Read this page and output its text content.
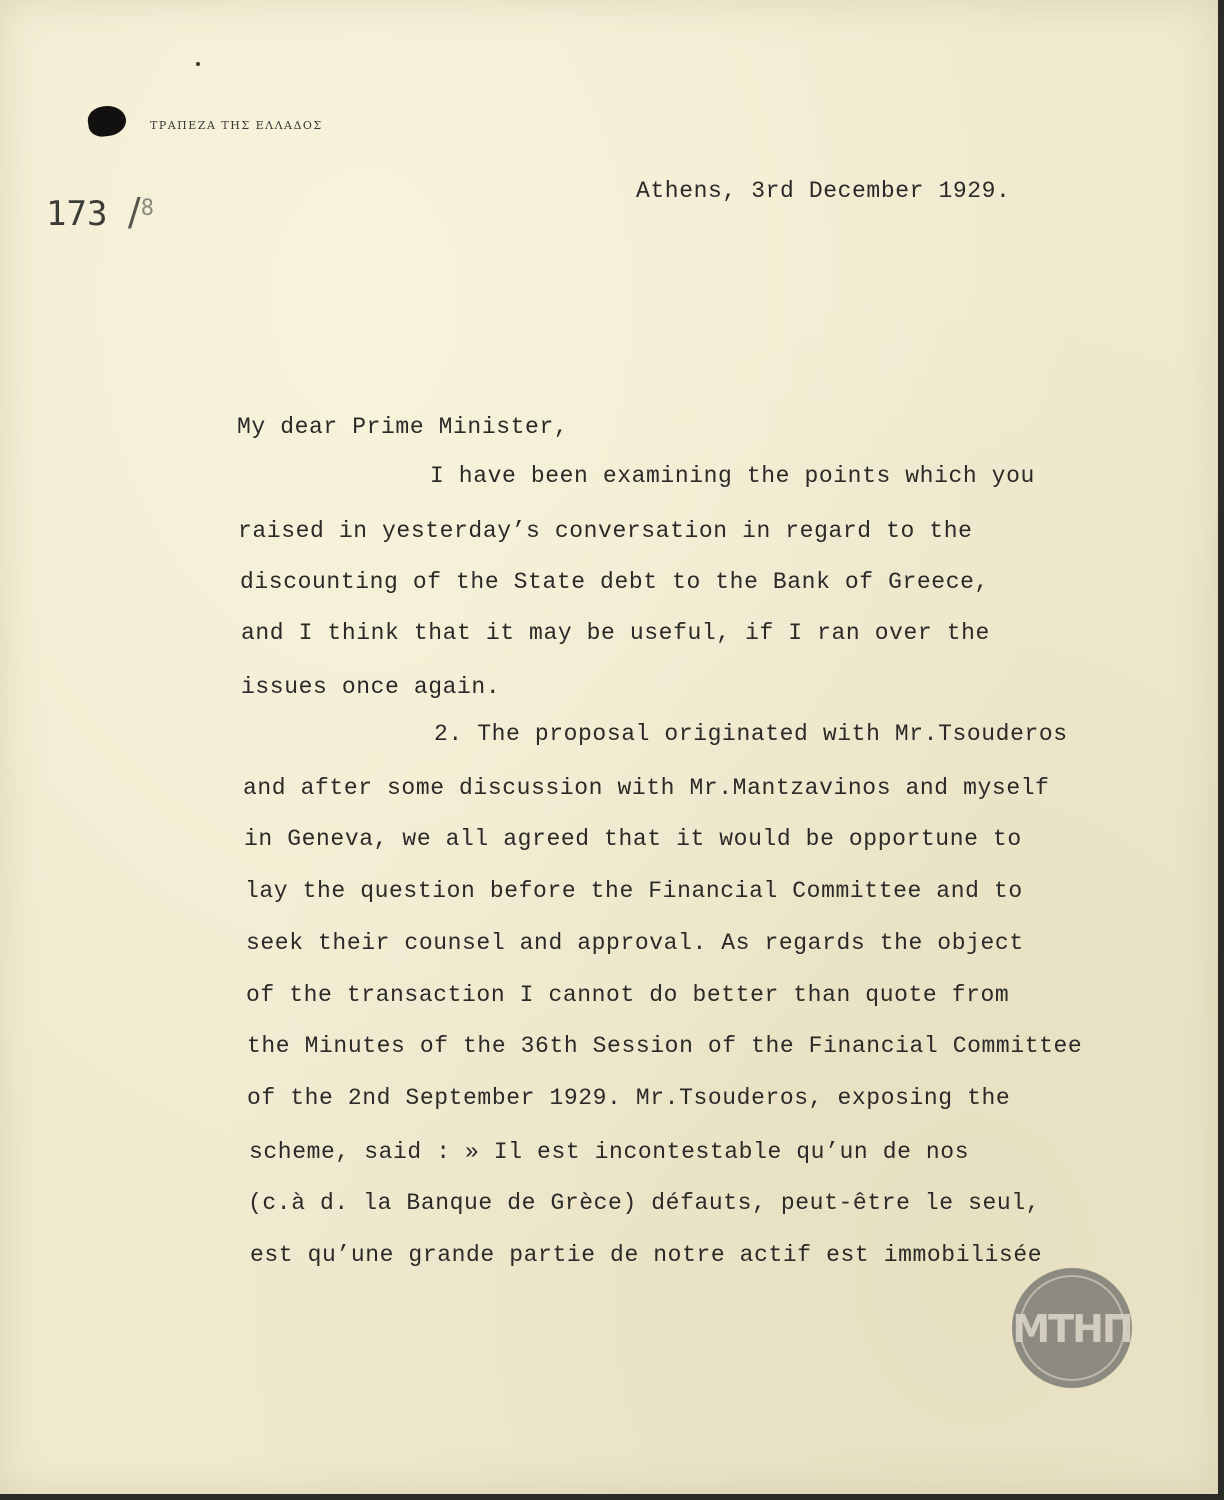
ΤΡΑΠΕΖΑ ΤΗΣ ΕΛΛΑΔΟΣ

173 /$^8$

Athens, 3rd December 1929.

My dear Prime Minister,

I have been examining the points which you

raised in yesterday’s conversation in regard to the

discounting of the State debt to the Bank of Greece,

and I think that it may be useful, if I ran over the

issues once again.

2. The proposal originated with Mr.Tsouderos

and after some discussion with Mr.Mantzavinos and myself

in Geneva, we all agreed that it would be opportune to

lay the question before the Financial Committee and to

seek their counsel and approval. As regards the object

of the transaction I cannot do better than quote from

the Minutes of the 36th Session of the Financial Committee

of the 2nd September 1929. Mr.Tsouderos, exposing the

scheme, said : » Il est incontestable qu’un de nos

(c.à d. la Banque de Grèce) défauts, peut-être le seul,

est qu’une grande partie de notre actif est immobilisée

ΜΤΗΠ
